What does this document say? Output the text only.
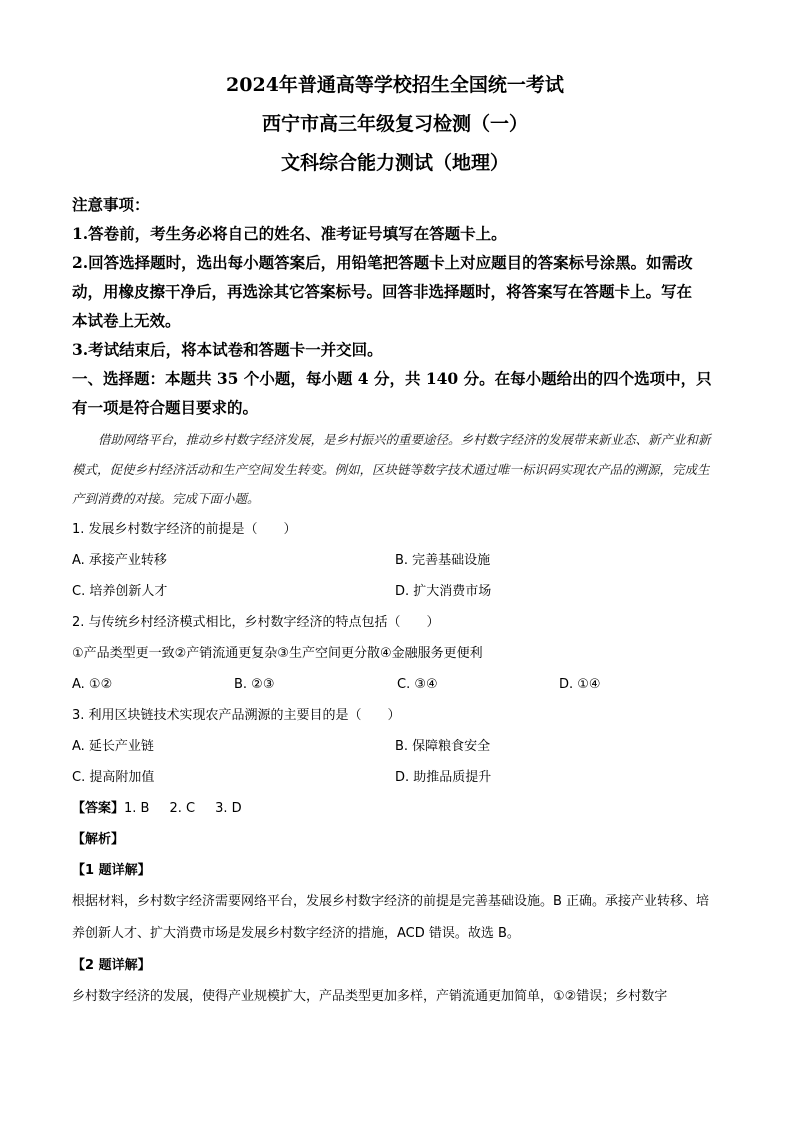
2024年普通高等学校招生全国统一考试

西宁市高三年级复习检测（一）

文科综合能力测试（地理）

注意事项：

1.答卷前，考生务必将自己的姓名、准考证号填写在答题卡上。

2.回答选择题时，选出每小题答案后，用铅笔把答题卡上对应题目的答案标号涂黑。如需改

动，用橡皮擦干净后，再选涂其它答案标号。回答非选择题时，将答案写在答题卡上。写在

本试卷上无效。

3.考试结束后，将本试卷和答题卡一并交回。

一、选择题：本题共 35 个小题，每小题 4 分，共 140 分。在每小题给出的四个选项中，只

有一项是符合题目要求的。

借助网络平台，推动乡村数字经济发展，是乡村振兴的重要途径。乡村数字经济的发展带来新业态、新产业和新模式，促使乡村经济活动和生产空间发生转变。例如，区块链等数字技术通过唯一标识码实现农产品的溯源，完成生产到消费的对接。完成下面小题。

1. 发展乡村数字经济的前提是（　　）

A. 承接产业转移	B. 完善基础设施
C. 培养创新人才	D. 扩大消费市场

2. 与传统乡村经济模式相比，乡村数字经济的特点包括（　　）

①产品类型更一致②产销流通更复杂③生产空间更分散④金融服务更便利

A. ①②	B. ②③	C. ③④	D. ①④

3. 利用区块链技术实现农产品溯源的主要目的是（　　）

A. 延长产业链	B. 保障粮食安全
C. 提高附加值	D. 助推品质提升
【答案】1. B 2. C 3. D

【解析】

【1 题详解】

根据材料，乡村数字经济需要网络平台，发展乡村数字经济的前提是完善基础设施。B 正确。承接产业转移、培养创新人才、扩大消费市场是发展乡村数字经济的措施，ACD 错误。故选 B。

【2 题详解】

乡村数字经济的发展，使得产业规模扩大，产品类型更加多样，产销流通更加简单，①②错误；乡村数字
